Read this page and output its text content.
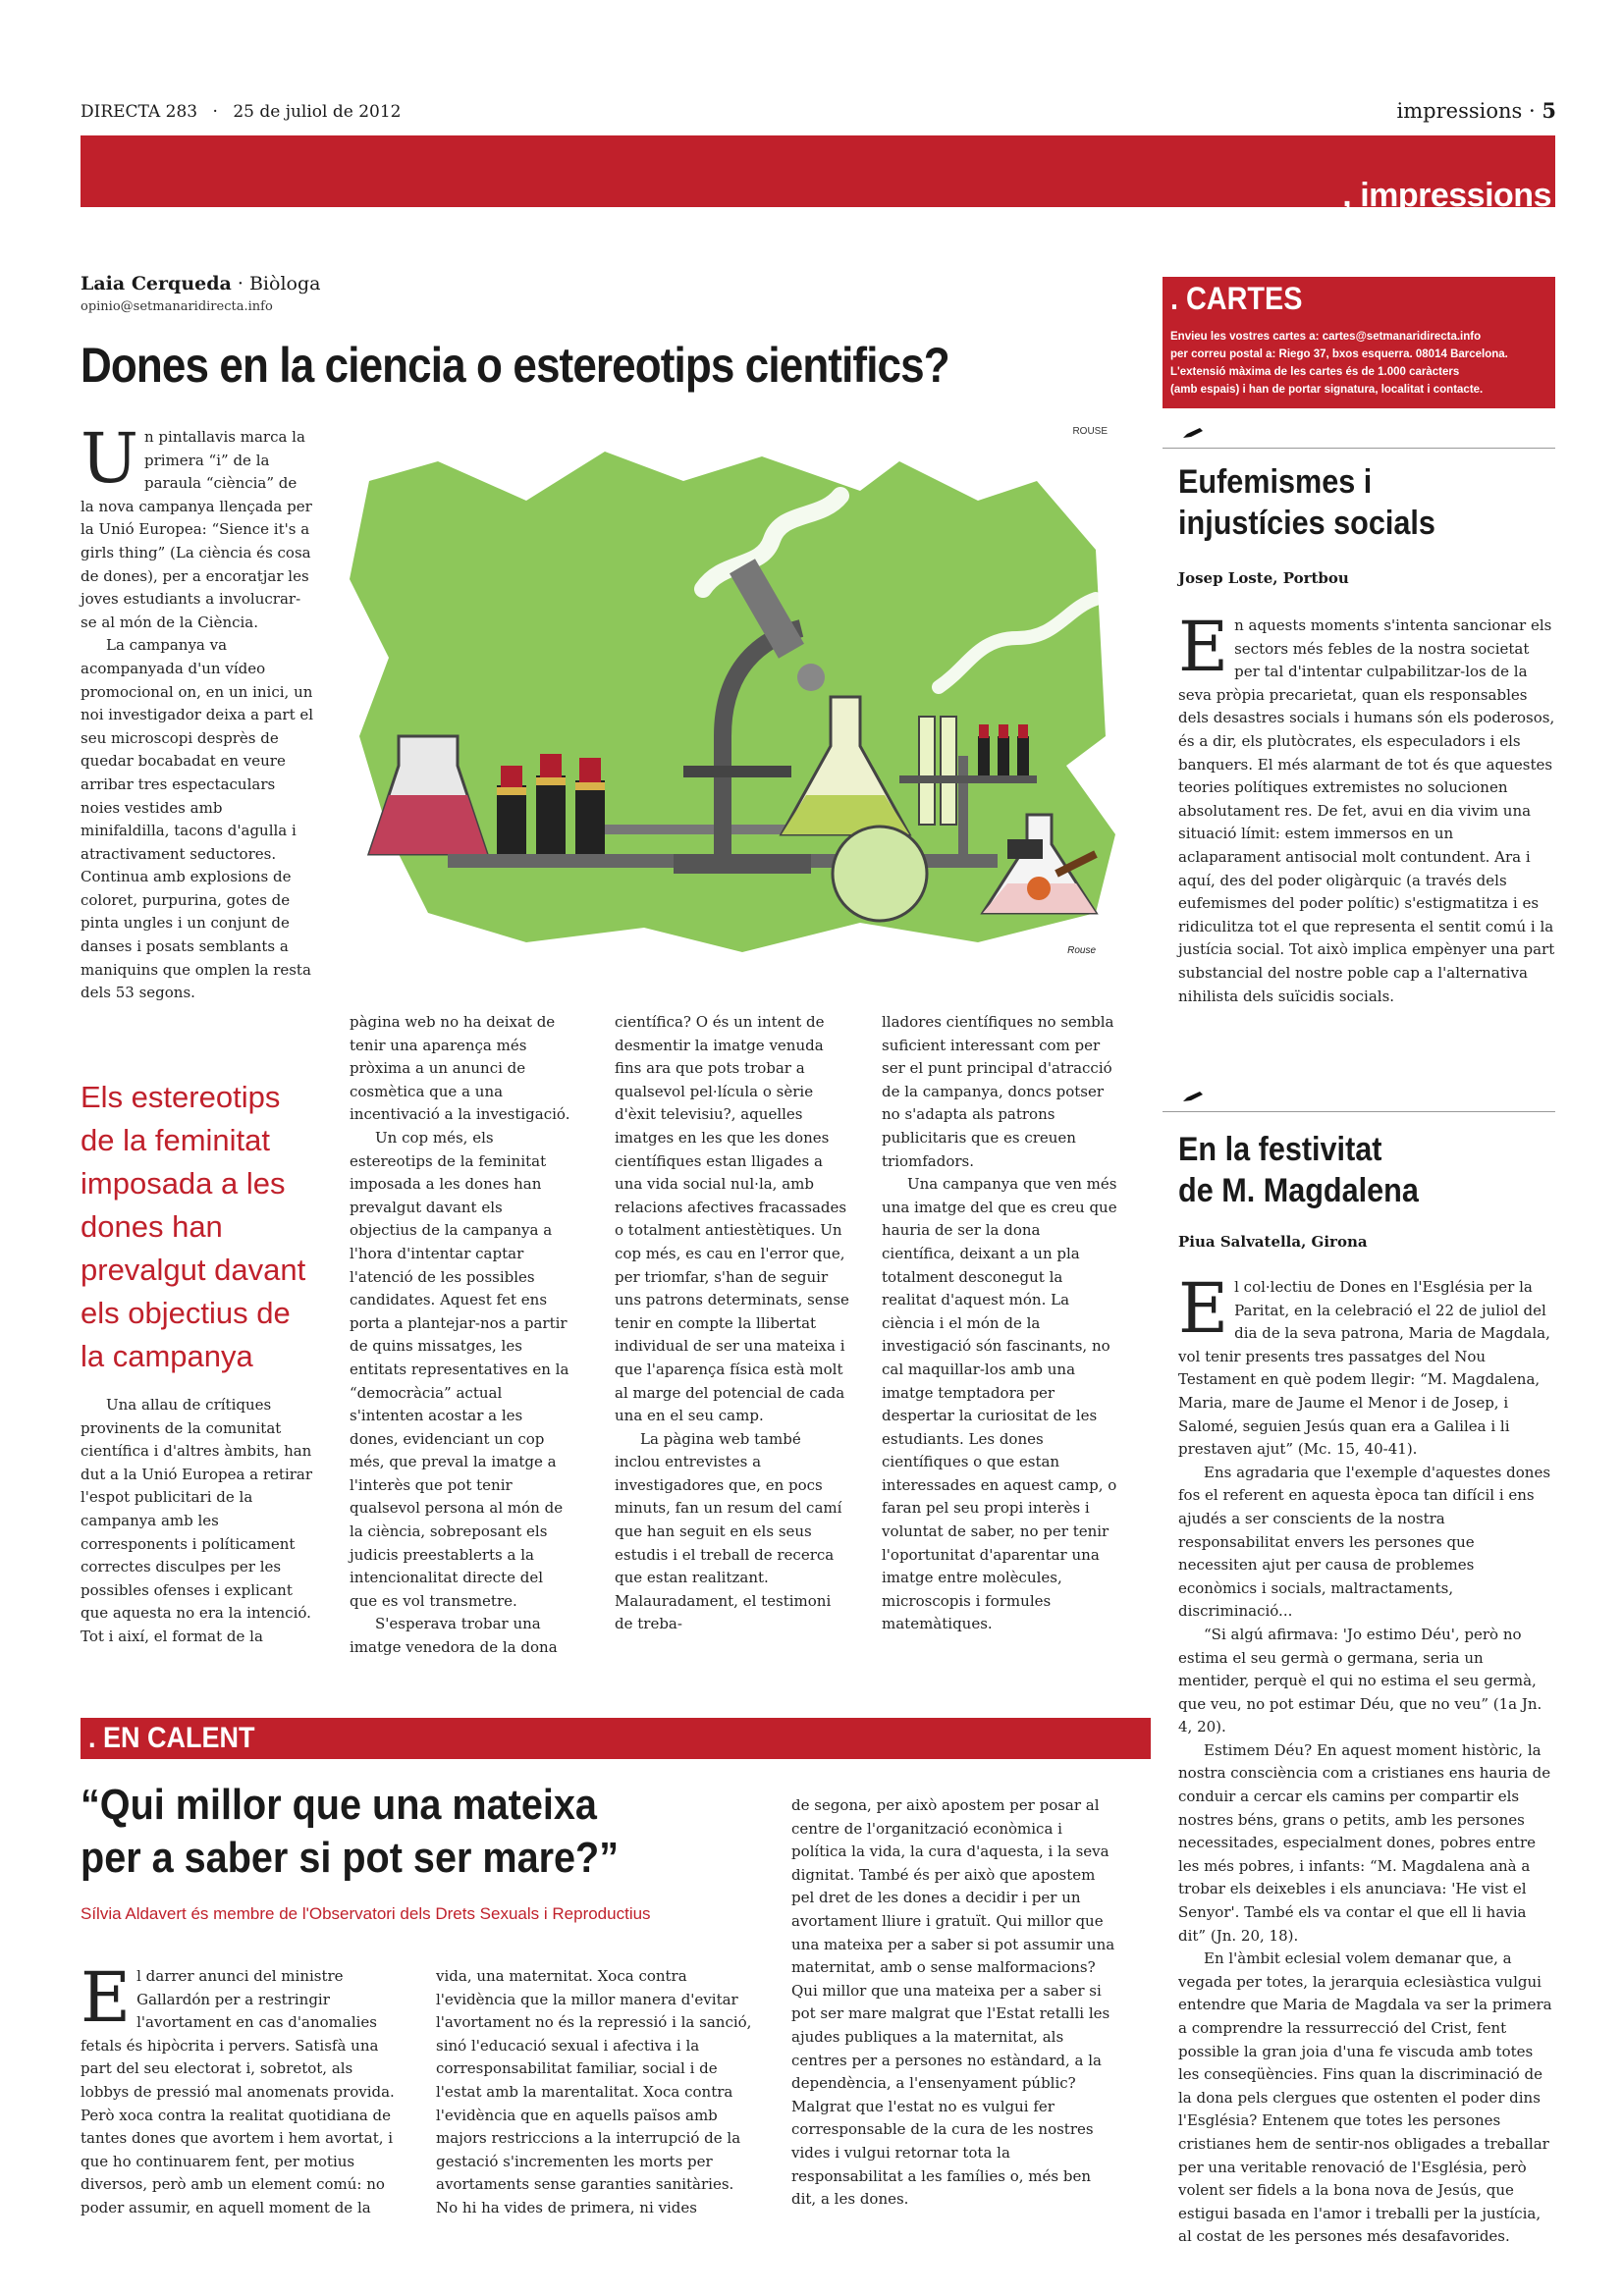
DIRECTA 283 · 25 de juliol de 2012	impressions · 5
, impressions
Laia Cerqueda · Biòloga
opinio@setmanaridirecta.info
Dones en la ciencia o estereotips cientifics?
ROUSE
Rouse

Un pintallavis marca la primera “i” de la paraula “ciència” de la nova campanya llençada per la Unió Europea: “Sience it's a girls thing” (La ciència és cosa de dones), per a encoratjar les joves estudiants a involucrar-se al món de la Ciència.

La campanya va acompanyada d'un vídeo promocional on, en un inici, un noi investigador deixa a part el seu microscopi desprès de quedar bocabadat en veure arribar tres espectaculars noies vestides amb minifaldilla, tacons d'agulla i atractivament seductores. Continua amb explosions de coloret, purpurina, gotes de pinta ungles i un conjunt de danses i posats semblants a maniquins que omplen la resta dels 53 segons.

Els estereotips de la feminitat imposada a les dones han prevalgut davant els objectius de la campanya

Una allau de crítiques provinents de la comunitat científica i d'altres àmbits, han dut a la Unió Europea a retirar l'espot publicitari de la campanya amb les corresponents i políticament correctes disculpes per les possibles ofenses i explicant que aquesta no era la intenció. Tot i així, el format de la

pàgina web no ha deixat de tenir una aparença més pròxima a un anunci de cosmètica que a una incentivació a la investigació.

Un cop més, els estereotips de la feminitat imposada a les dones han prevalgut davant els objectius de la campanya a l'hora d'intentar captar l'atenció de les possibles candidates. Aquest fet ens porta a plantejar-nos a partir de quins missatges, les entitats representatives en la “democràcia” actual s'intenten acostar a les dones, evidenciant un cop més, que preval la imatge a l'interès que pot tenir qualsevol persona al món de la ciència, sobreposant els judicis preestablerts a la intencionalitat directe del que es vol transmetre.

S'esperava trobar una imatge venedora de la dona

científica? O és un intent de desmentir la imatge venuda fins ara que pots trobar a qualsevol pel·lícula o sèrie d'èxit televisiu?, aquelles imatges en les que les dones científiques estan lligades a una vida social nul·la, amb relacions afectives fracassades o totalment antiestètiques. Un cop més, es cau en l'error que, per triomfar, s'han de seguir uns patrons determinats, sense tenir en compte la llibertat individual de ser una mateixa i que l'aparença física està molt al marge del potencial de cada una en el seu camp.

La pàgina web també inclou entrevistes a investigadores que, en pocs minuts, fan un resum del camí que han seguit en els seus estudis i el treball de recerca que estan realitzant. Malauradament, el testimoni de treba-

lladores científiques no sembla suficient interessant com per ser el punt principal d'atracció de la campanya, doncs potser no s'adapta als patrons publicitaris que es creuen triomfadors.

Una campanya que ven més una imatge del que es creu que hauria de ser la dona científica, deixant a un pla totalment desconegut la realitat d'aquest món. La ciència i el món de la investigació són fascinants, no cal maquillar-los amb una imatge temptadora per despertar la curiositat de les estudiants. Les dones científiques o que estan interessades en aquest camp, o faran pel seu propi interès i voluntat de saber, no per tenir l'oportunitat d'aparentar una imatge entre molècules, microscopis i formules matemàtiques.

. EN CALENT
“Qui millor que una mateixa
per a saber si pot ser mare?”
Sílvia Aldavert és membre de l'Observatori dels Drets Sexuals i Reproductius

El darrer anunci del ministre Gallardón per a restringir l'avortament en cas d'anomalies fetals és hipòcrita i pervers. Satisfà una part del seu electorat i, sobretot, als lobbys de pressió mal anomenats provida. Però xoca contra la realitat quotidiana de tantes dones que avortem i hem avortat, i que ho continuarem fent, per motius diversos, però amb un element comú: no poder assumir, en aquell moment de la

vida, una maternitat. Xoca contra l'evidència que la millor manera d'evitar l'avortament no és la repressió i la sanció, sinó l'educació sexual i afectiva i la corresponsabilitat familiar, social i de l'estat amb la marentalitat. Xoca contra l'evidència que en aquells països amb majors restriccions a la interrupció de la gestació s'incrementen les morts per avortaments sense garanties sanitàries. No hi ha vides de primera, ni vides

de segona, per això apostem per posar al centre de l'organització econòmica i política la vida, la cura d'aquesta, i la seva dignitat. També és per això que apostem pel dret de les dones a decidir i per un avortament lliure i gratuït. Qui millor que una mateixa per a saber si pot assumir una maternitat, amb o sense malformacions? Qui millor que una mateixa per a saber si pot ser mare malgrat que l'Estat retalli les ajudes publiques a la maternitat, als centres per a persones no estàndard, a la dependència, a l'ensenyament públic? Malgrat que l'estat no es vulgui fer corresponsable de la cura de les nostres vides i vulgui retornar tota la responsabilitat a les famílies o, més ben dit, a les dones.

. CARTES
Envieu les vostres cartes a: cartes@setmanaridirecta.info
per correu postal a: Riego 37, bxos esquerra. 08014 Barcelona.
L'extensió màxima de les cartes és de 1.000 caràcters
(amb espais) i han de portar signatura, localitat i contacte.
Eufemismes i
injustícies socials
Josep Loste, Portbou

En aquests moments s'intenta sancionar els sectors més febles de la nostra societat per tal d'intentar culpabilitzar-los de la seva pròpia precarietat, quan els responsables dels desastres socials i humans són els poderosos, és a dir, els plutòcrates, els especuladors i els banquers. El més alarmant de tot és que aquestes teories polítiques extremistes no solucionen absolutament res. De fet, avui en dia vivim una situació límit: estem immersos en un aclaparament antisocial molt contundent. Ara i aquí, des del poder oligàrquic (a través dels eufemismes del poder polític) s'estigmatitza i es ridiculitza tot el que representa el sentit comú i la justícia social. Tot això implica empènyer una part substancial del nostre poble cap a l'alternativa nihilista dels suïcidis socials.

En la festivitat
de M. Magdalena
Piua Salvatella, Girona

El col·lectiu de Dones en l'Església per la Paritat, en la celebració el 22 de juliol del dia de la seva patrona, Maria de Magdala, vol tenir presents tres passatges del Nou Testament en què podem llegir: “M. Magdalena, Maria, mare de Jaume el Menor i de Josep, i Salomé, seguien Jesús quan era a Galilea i li prestaven ajut” (Mc. 15, 40-41).

Ens agradaria que l'exemple d'aquestes dones fos el referent en aquesta època tan difícil i ens ajudés a ser conscients de la nostra responsabilitat envers les persones que necessiten ajut per causa de problemes econòmics i socials, maltractaments, discriminació...

“Si algú afirmava: 'Jo estimo Déu', però no estima el seu germà o germana, seria un mentider, perquè el qui no estima el seu germà, que veu, no pot estimar Déu, que no veu” (1a Jn. 4, 20).

Estimem Déu? En aquest moment històric, la nostra consciència com a cristianes ens hauria de conduir a cercar els camins per compartir els nostres béns, grans o petits, amb les persones necessitades, especialment dones, pobres entre les més pobres, i infants: “M. Magdalena anà a trobar els deixebles i els anunciava: 'He vist el Senyor'. També els va contar el que ell li havia dit” (Jn. 20, 18).

En l'àmbit eclesial volem demanar que, a vegada per totes, la jerarquia eclesiàstica vulgui entendre que Maria de Magdala va ser la primera a comprendre la ressurrecció del Crist, fent possible la gran joia d'una fe viscuda amb totes les conseqüències. Fins quan la discriminació de la dona pels clergues que ostenten el poder dins l'Església? Entenem que totes les persones cristianes hem de sentir-nos obligades a treballar per una veritable renovació de l'Església, però volent ser fidels a la bona nova de Jesús, que estigui basada en l'amor i treballi per la justícia, al costat de les persones més desafavorides.
